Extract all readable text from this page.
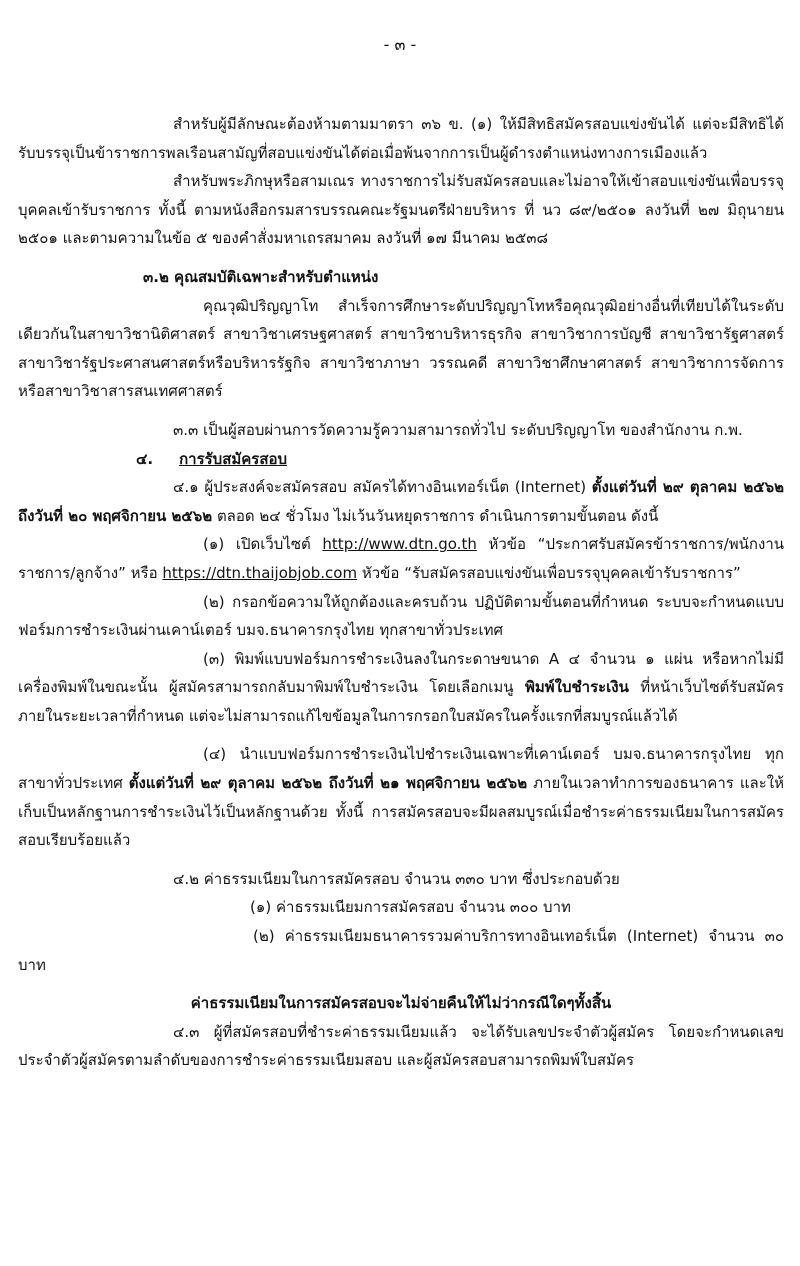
- ๓ -

สำหรับผู้มีลักษณะต้องห้ามตามมาตรา ๓๖ ข. (๑) ให้มีสิทธิสมัครสอบแข่งขันได้ แต่จะมีสิทธิได้รับบรรจุเป็นข้าราชการพลเรือนสามัญที่สอบแข่งขันได้ต่อเมื่อพ้นจากการเป็นผู้ดำรงตำแหน่งทางการเมืองแล้ว

สำหรับพระภิกษุหรือสามเณร ทางราชการไม่รับสมัครสอบและไม่อาจให้เข้าสอบแข่งขันเพื่อบรรจุบุคคลเข้ารับราชการ ทั้งนี้ ตามหนังสือกรมสารบรรณคณะรัฐมนตรีฝ่ายบริหาร ที่ นว ๘๙/๒๕๐๑ ลงวันที่ ๒๗ มิถุนายน ๒๕๐๑ และตามความในข้อ ๕ ของคำสั่งมหาเถรสมาคม ลงวันที่ ๑๗ มีนาคม ๒๕๓๘

๓.๒ คุณสมบัติเฉพาะสำหรับตำแหน่ง

คุณวุฒิปริญญาโท สำเร็จการศึกษาระดับปริญญาโทหรือคุณวุฒิอย่างอื่นที่เทียบได้ในระดับเดียวกันในสาขาวิชานิติศาสตร์ สาขาวิชาเศรษฐศาสตร์ สาขาวิชาบริหารธุรกิจ สาขาวิชาการบัญชี สาขาวิชารัฐศาสตร์ สาขาวิชารัฐประศาสนศาสตร์หรือบริหารรัฐกิจ สาขาวิชาภาษา วรรณคดี สาขาวิชาศึกษาศาสตร์ สาขาวิชาการจัดการ หรือสาขาวิชาสารสนเทศศาสตร์

๓.๓ เป็นผู้สอบผ่านการวัดความรู้ความสามารถทั่วไป ระดับปริญญาโท ของสำนักงาน ก.พ.

๔. การรับสมัครสอบ

๔.๑ ผู้ประสงค์จะสมัครสอบ สมัครได้ทางอินเทอร์เน็ต (Internet) ตั้งแต่วันที่ ๒๙ ตุลาคม ๒๕๖๒ ถึงวันที่ ๒๐ พฤศจิกายน ๒๕๖๒ ตลอด ๒๔ ชั่วโมง ไม่เว้นวันหยุดราชการ ดำเนินการตามขั้นตอน ดังนี้

(๑) เปิดเว็บไซต์ http://www.dtn.go.th หัวข้อ “ประกาศรับสมัครข้าราชการ/พนักงานราชการ/ลูกจ้าง” หรือ https://dtn.thaijobjob.com หัวข้อ “รับสมัครสอบแข่งขันเพื่อบรรจุบุคคลเข้ารับราชการ”

(๒) กรอกข้อความให้ถูกต้องและครบถ้วน ปฏิบัติตามขั้นตอนที่กำหนด ระบบจะกำหนดแบบฟอร์มการชำระเงินผ่านเคาน์เตอร์ บมจ.ธนาคารกรุงไทย ทุกสาขาทั่วประเทศ

(๓) พิมพ์แบบฟอร์มการชำระเงินลงในกระดาษขนาด A ๔ จำนวน ๑ แผ่น หรือหากไม่มีเครื่องพิมพ์ในขณะนั้น ผู้สมัครสามารถกลับมาพิมพ์ใบชำระเงิน โดยเลือกเมนู พิมพ์ใบชำระเงิน ที่หน้าเว็บไซต์รับสมัคร ภายในระยะเวลาที่กำหนด แต่จะไม่สามารถแก้ไขข้อมูลในการกรอกใบสมัครในครั้งแรกที่สมบูรณ์แล้วได้

(๔) นำแบบฟอร์มการชำระเงินไปชำระเงินเฉพาะที่เคาน์เตอร์ บมจ.ธนาคารกรุงไทย ทุกสาขาทั่วประเทศ ตั้งแต่วันที่ ๒๙ ตุลาคม ๒๕๖๒ ถึงวันที่ ๒๑ พฤศจิกายน ๒๕๖๒ ภายในเวลาทำการของธนาคาร และให้เก็บเป็นหลักฐานการชำระเงินไว้เป็นหลักฐานด้วย ทั้งนี้ การสมัครสอบจะมีผลสมบูรณ์เมื่อชำระค่าธรรมเนียมในการสมัครสอบเรียบร้อยแล้ว

๔.๒ ค่าธรรมเนียมในการสมัครสอบ จำนวน ๓๓๐ บาท ซึ่งประกอบด้วย

(๑) ค่าธรรมเนียมการสมัครสอบ จำนวน ๓๐๐ บาท

(๒) ค่าธรรมเนียมธนาคารรวมค่าบริการทางอินเทอร์เน็ต (Internet) จำนวน ๓๐ บาท

ค่าธรรมเนียมในการสมัครสอบจะไม่จ่ายคืนให้ไม่ว่ากรณีใดๆทั้งสิ้น

๔.๓ ผู้ที่สมัครสอบที่ชำระค่าธรรมเนียมแล้ว จะได้รับเลขประจำตัวผู้สมัคร โดยจะกำหนดเลขประจำตัวผู้สมัครตามลำดับของการชำระค่าธรรมเนียมสอบ และผู้สมัครสอบสามารถพิมพ์ใบสมัคร
